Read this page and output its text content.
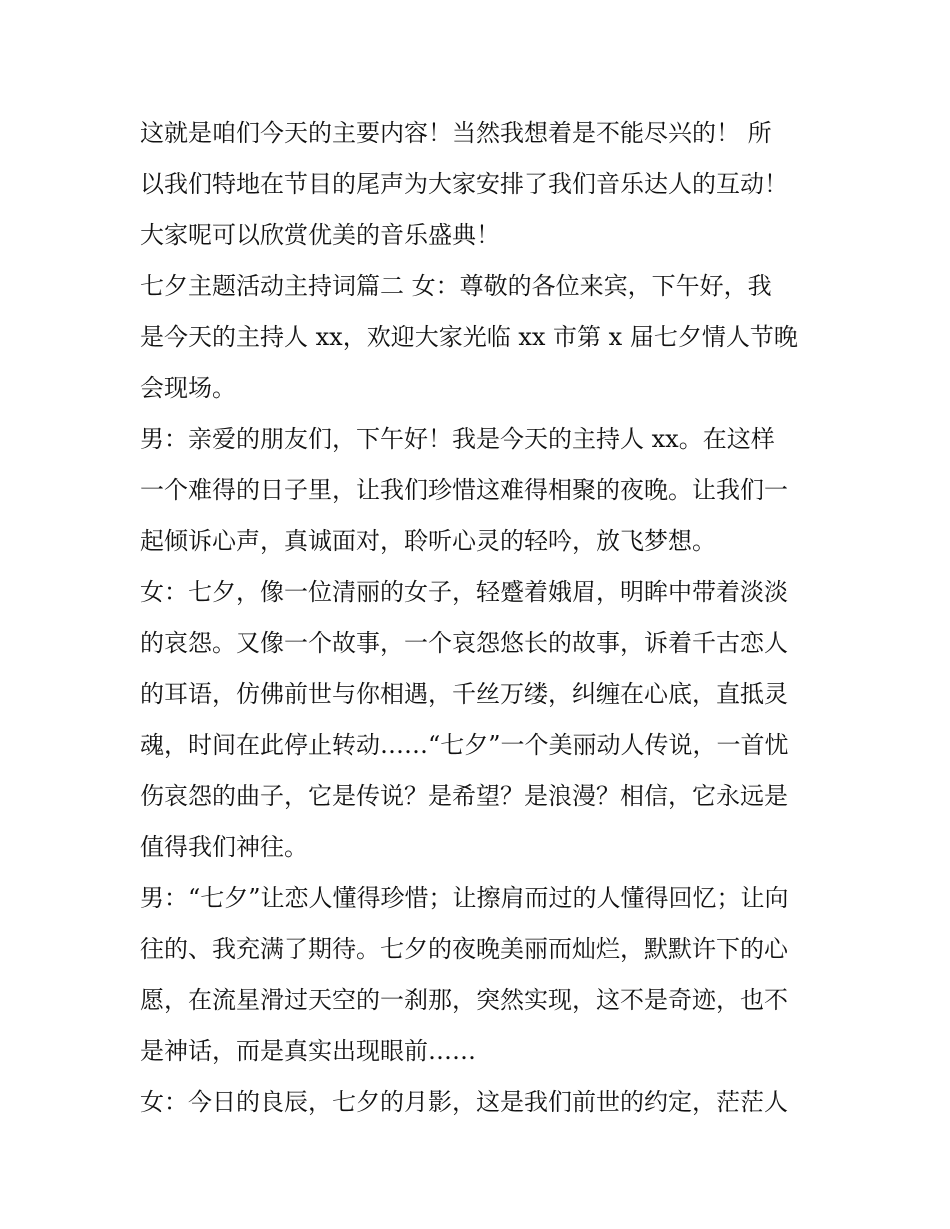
这就是咱们今天的主要内容！当然我想着是不能尽兴的！ 所
以我们特地在节目的尾声为大家安排了我们音乐达人的互动！
大家呢可以欣赏优美的音乐盛典！
七夕主题活动主持词篇二 女：尊敬的各位来宾，下午好，我
是今天的主持人 xx，欢迎大家光临 xx 市第 x 届七夕情人节晚
会现场。
男：亲爱的朋友们，下午好！我是今天的主持人 xx。在这样
一个难得的日子里，让我们珍惜这难得相聚的夜晚。让我们一
起倾诉心声，真诚面对，聆听心灵的轻吟，放飞梦想。
女：七夕，像一位清丽的女子，轻蹙着娥眉，明眸中带着淡淡
的哀怨。又像一个故事，一个哀怨悠长的故事，诉着千古恋人
的耳语，仿佛前世与你相遇，千丝万缕，纠缠在心底，直抵灵
魂，时间在此停止转动……“七夕”一个美丽动人传说，一首忧
伤哀怨的曲子，它是传说？是希望？是浪漫？相信，它永远是
值得我们神往。
男：“七夕”让恋人懂得珍惜；让擦肩而过的人懂得回忆；让向
往的、我充满了期待。七夕的夜晚美丽而灿烂，默默许下的心
愿，在流星滑过天空的一刹那，突然实现，这不是奇迹，也不
是神话，而是真实出现眼前……
女：今日的良辰，七夕的月影，这是我们前世的约定，茫茫人
